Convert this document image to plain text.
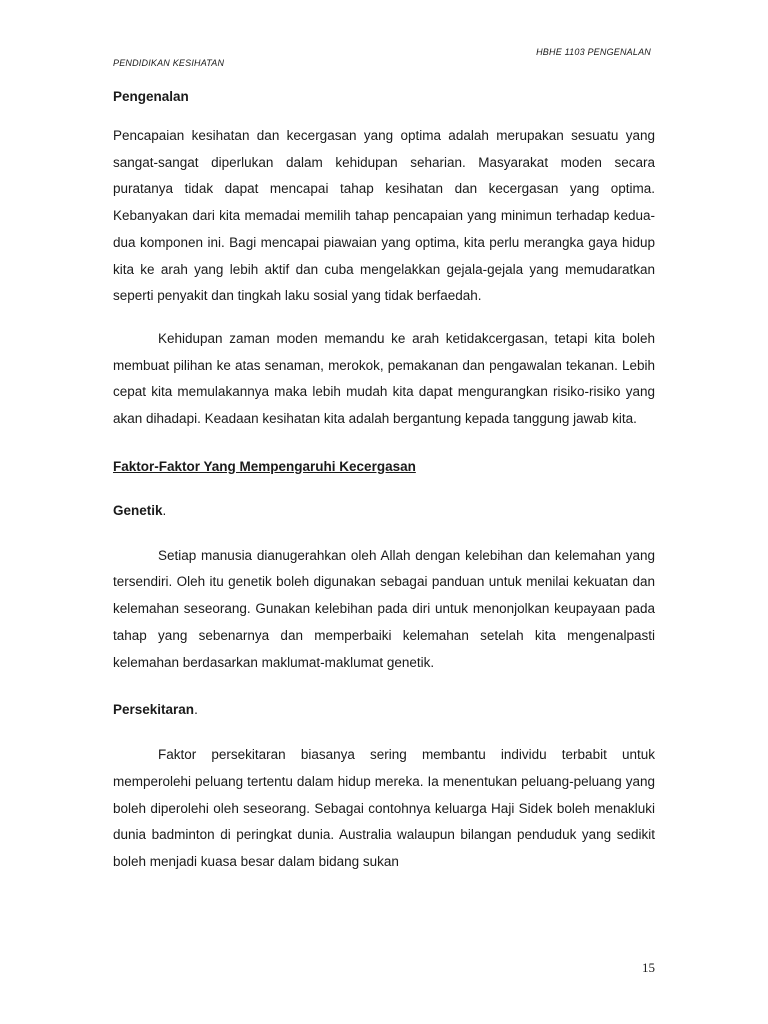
HBHE 1103 PENGENALAN
PENDIDIKAN KESIHATAN
Pengenalan

Pencapaian kesihatan dan kecergasan yang optima adalah merupakan sesuatu yang sangat-sangat diperlukan dalam kehidupan seharian. Masyarakat moden secara puratanya tidak dapat mencapai tahap kesihatan dan kecergasan yang optima. Kebanyakan dari kita memadai memilih tahap pencapaian yang minimun terhadap kedua-dua komponen ini. Bagi mencapai piawaian yang optima, kita perlu merangka gaya hidup kita ke arah yang lebih aktif dan cuba mengelakkan gejala-gejala yang memudaratkan seperti penyakit dan tingkah laku sosial yang tidak berfaedah.

Kehidupan zaman moden memandu ke arah ketidakcergasan, tetapi kita boleh membuat pilihan ke atas senaman, merokok, pemakanan dan pengawalan tekanan. Lebih cepat kita memulakannya maka lebih mudah kita dapat mengurangkan risiko-risiko yang akan dihadapi. Keadaan kesihatan kita adalah bergantung kepada tanggung jawab kita.

Faktor-Faktor Yang Mempengaruhi Kecergasan
Genetik.

Setiap manusia dianugerahkan oleh Allah dengan kelebihan dan kelemahan yang tersendiri. Oleh itu genetik boleh digunakan sebagai panduan untuk menilai kekuatan dan kelemahan seseorang. Gunakan kelebihan pada diri untuk menonjolkan keupayaan pada tahap yang sebenarnya dan memperbaiki kelemahan setelah kita mengenalpasti kelemahan berdasarkan maklumat-maklumat genetik.

Persekitaran.

Faktor persekitaran biasanya sering membantu individu terbabit untuk memperolehi peluang tertentu dalam hidup mereka. Ia menentukan peluang-peluang yang boleh diperolehi oleh seseorang. Sebagai contohnya keluarga Haji Sidek boleh menakluki dunia badminton di peringkat dunia. Australia walaupun bilangan penduduk yang sedikit boleh menjadi kuasa besar dalam bidang sukan

15
